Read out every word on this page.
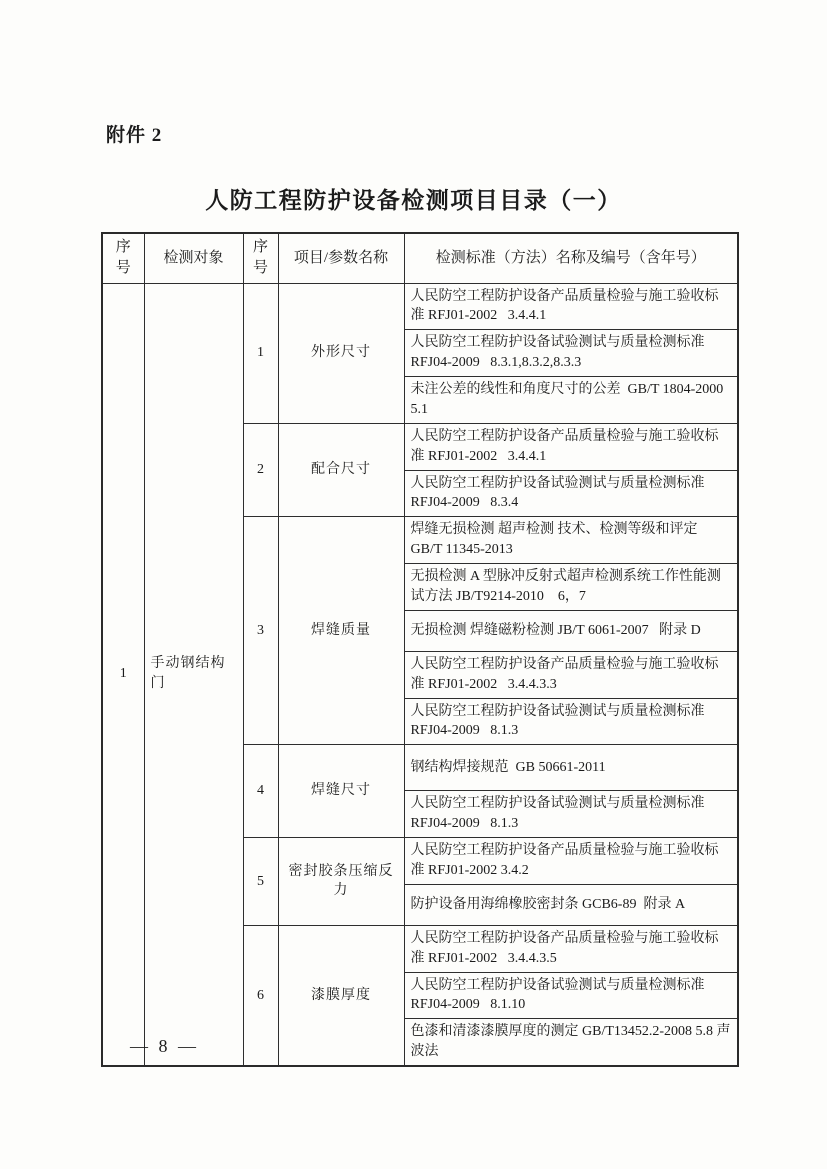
附件 2
人防工程防护设备检测项目目录（一）
序号	检测对象	序号	项目/参数名称	检测标准（方法）名称及编号（含年号）
1	手动钢结构门	1	外形尺寸	人民防空工程防护设备产品质量检验与施工验收标准 RFJ01-2002   3.4.4.1
				人民防空工程防护设备试验测试与质量检测标准 RFJ04-2009   8.3.1,8.3.2,8.3.3
				未注公差的线性和角度尺寸的公差  GB/T 1804-2000 5.1
		2	配合尺寸	人民防空工程防护设备产品质量检验与施工验收标准 RFJ01-2002   3.4.4.1
				人民防空工程防护设备试验测试与质量检测标准 RFJ04-2009   8.3.4
		3	焊缝质量	焊缝无损检测 超声检测 技术、检测等级和评定 GB/T 11345-2013
				无损检测 A 型脉冲反射式超声检测系统工作性能测试方法 JB/T9214-2010    6，7
				无损检测 焊缝磁粉检测 JB/T 6061-2007   附录 D
				人民防空工程防护设备产品质量检验与施工验收标准 RFJ01-2002   3.4.4.3.3
				人民防空工程防护设备试验测试与质量检测标准 RFJ04-2009   8.1.3
		4	焊缝尺寸	钢结构焊接规范  GB 50661-2011
				人民防空工程防护设备试验测试与质量检测标准 RFJ04-2009   8.1.3
		5	密封胶条压缩反力	人民防空工程防护设备产品质量检验与施工验收标准 RFJ01-2002 3.4.2
				防护设备用海绵橡胶密封条 GCB6-89  附录 A
		6	漆膜厚度	人民防空工程防护设备产品质量检验与施工验收标准 RFJ01-2002   3.4.4.3.5
				人民防空工程防护设备试验测试与质量检测标准 RFJ04-2009   8.1.10
				色漆和清漆漆膜厚度的测定 GB/T13452.2-2008 5.8 声波法
— 8 —
